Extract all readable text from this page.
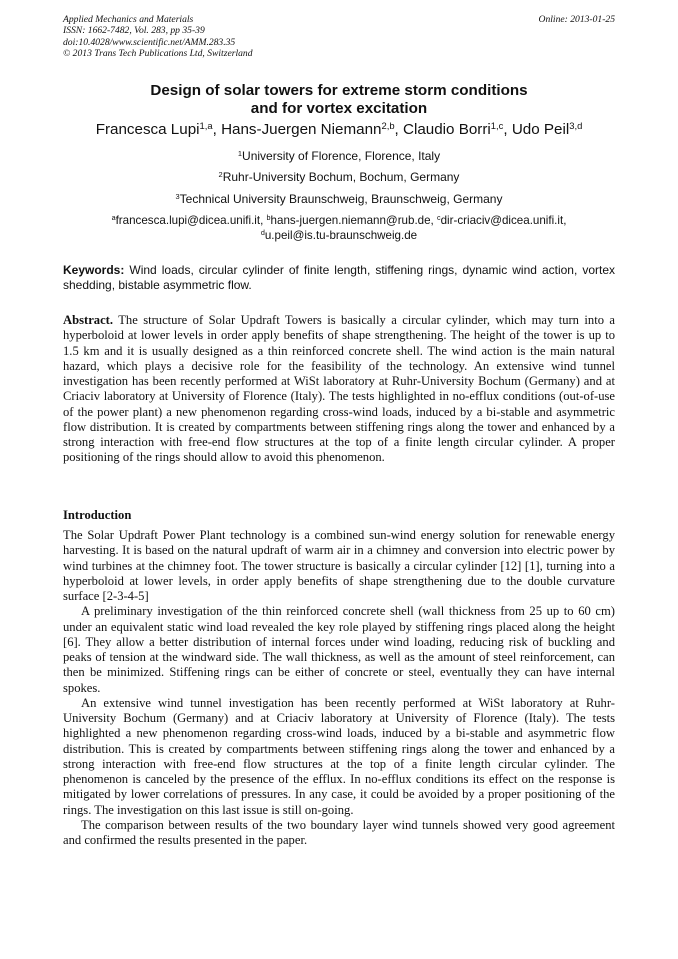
Applied Mechanics and Materials
ISSN: 1662-7482, Vol. 283, pp 35-39
doi:10.4028/www.scientific.net/AMM.283.35
© 2013 Trans Tech Publications Ltd, Switzerland
Online: 2013-01-25
Design of solar towers for extreme storm conditions
and for vortex excitation
Francesca Lupi$^{1,a}$, Hans-Juergen Niemann$^{2,b}$, Claudio Borri$^{1,c}$, Udo Peil$^{3,d}$
$^1$University of Florence, Florence, Italy
$^2$Ruhr-University Bochum, Bochum, Germany
$^3$Technical University Braunschweig, Braunschweig, Germany
$^a$francesca.lupi@dicea.unifi.it, $^b$hans-juergen.niemann@rub.de, $^c$dir-criaciv@dicea.unifi.it,
$^d$u.peil@is.tu-braunschweig.de
Keywords: Wind loads, circular cylinder of finite length, stiffening rings, dynamic wind action, vortex shedding, bistable asymmetric flow.
Abstract. The structure of Solar Updraft Towers is basically a circular cylinder, which may turn into a hyperboloid at lower levels in order apply benefits of shape strengthening. The height of the tower is up to 1.5 km and it is usually designed as a thin reinforced concrete shell. The wind action is the main natural hazard, which plays a decisive role for the feasibility of the technology. An extensive wind tunnel investigation has been recently performed at WiSt laboratory at Ruhr-University Bochum (Germany) and at Criaciv laboratory at University of Florence (Italy). The tests highlighted in no-efflux conditions (out-of-use of the power plant) a new phenomenon regarding cross-wind loads, induced by a bi-stable and asymmetric flow distribution. It is created by compartments between stiffening rings along the tower and enhanced by a strong interaction with free-end flow structures at the top of a finite length circular cylinder. A proper positioning of the rings should allow to avoid this phenomenon.
Introduction

The Solar Updraft Power Plant technology is a combined sun-wind energy solution for renewable energy harvesting. It is based on the natural updraft of warm air in a chimney and conversion into electric power by wind turbines at the chimney foot. The tower structure is basically a circular cylinder [12] [1], turning into a hyperboloid at lower levels, in order apply benefits of shape strengthening due to the double curvature surface [2-3-4-5]

A preliminary investigation of the thin reinforced concrete shell (wall thickness from 25 up to 60 cm) under an equivalent static wind load revealed the key role played by stiffening rings placed along the height [6]. They allow a better distribution of internal forces under wind loading, reducing risk of buckling and peaks of tension at the windward side. The wall thickness, as well as the amount of steel reinforcement, can then be minimized. Stiffening rings can be either of concrete or steel, eventually they can have internal spokes.

An extensive wind tunnel investigation has been recently performed at WiSt laboratory at Ruhr-University Bochum (Germany) and at Criaciv laboratory at University of Florence (Italy). The tests highlighted a new phenomenon regarding cross-wind loads, induced by a bi-stable and asymmetric flow distribution. This is created by compartments between stiffening rings along the tower and enhanced by a strong interaction with free-end flow structures at the top of a finite length circular cylinder. The phenomenon is canceled by the presence of the efflux. In no-efflux conditions its effect on the response is mitigated by lower correlations of pressures. In any case, it could be avoided by a proper positioning of the rings. The investigation on this last issue is still on-going.

The comparison between results of the two boundary layer wind tunnels showed very good agreement and confirmed the results presented in the paper.
